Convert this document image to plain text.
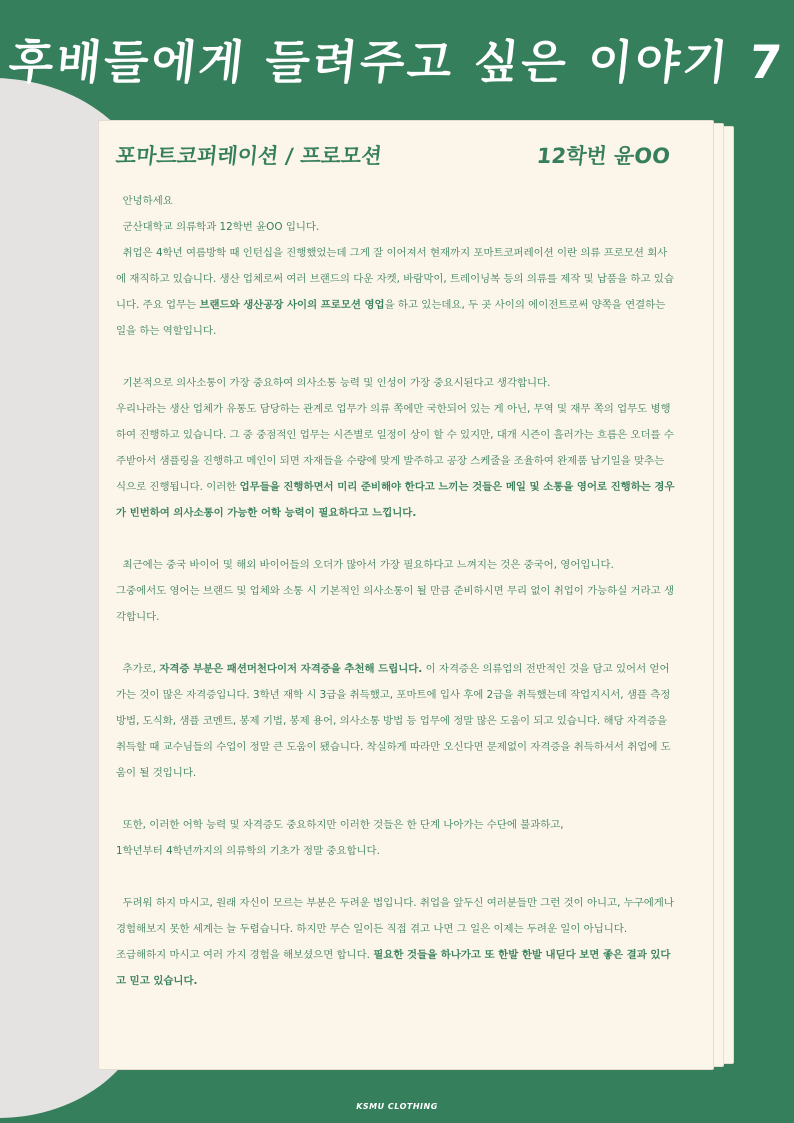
후배들에게 들려주고 싶은 이야기 7
포마트코퍼레이션 / 프로모션	12학번 윤OO

안녕하세요

군산대학교 의류학과 12학번 윤OO 입니다.

취업은 4학년 여름방학 때 인턴십을 진행했었는데 그게 잘 이어져서 현재까지 포마트코퍼레이션 이란 의류 프로모션 회사에 재직하고 있습니다. 생산 업체로써 여러 브랜드의 다운 자켓, 바람막이, 트레이닝복 등의 의류를 제작 및 납품을 하고 있습니다. 주요 업무는 브랜드와 생산공장 사이의 프로모션 영업을 하고 있는데요, 두 곳 사이의 에이전트로써 양쪽을 연결하는 일을 하는 역할입니다.

기본적으로 의사소통이 가장 중요하여 의사소통 능력 및 인성이 가장 중요시된다고 생각합니다.
우리나라는 생산 업체가 유통도 담당하는 관계로 업무가 의류 쪽에만 국한되어 있는 게 아닌, 무역 및 재무 쪽의 업무도 병행하여 진행하고 있습니다. 그 중 중점적인 업무는 시즌별로 일정이 상이 할 수 있지만, 대개 시즌이 흘러가는 흐름은 오더를 수주받아서 샘플링을 진행하고 메인이 되면 자재들을 수량에 맞게 발주하고 공장 스케줄을 조율하여 완제품 납기일을 맞추는 식으로 진행됩니다. 이러한 업무들을 진행하면서 미리 준비해야 한다고 느끼는 것들은 메일 및 소통을 영어로 진행하는 경우가 빈번하여 의사소통이 가능한 어학 능력이 필요하다고 느낍니다.

최근에는 중국 바이어 및 해외 바이어들의 오더가 많아서 가장 필요하다고 느껴지는 것은 중국어, 영어입니다.
그중에서도 영어는 브랜드 및 업체와 소통 시 기본적인 의사소통이 될 만큼 준비하시면 무리 없이 취업이 가능하실 거라고 생각합니다.

추가로, 자격증 부분은 패션머천다이저 자격증을 추천해 드립니다. 이 자격증은 의류업의 전반적인 것을 담고 있어서 얻어가는 것이 많은 자격증입니다. 3학년 재학 시 3급을 취득했고, 포마트에 입사 후에 2급을 취득했는데 작업지시서, 샘플 측정 방법, 도식화, 샘플 코멘트, 봉제 기법, 봉제 용어, 의사소통 방법 등 업무에 정말 많은 도움이 되고 있습니다. 해당 자격증을 취득할 때 교수님들의 수업이 정말 큰 도움이 됐습니다. 착실하게 따라만 오신다면 문제없이 자격증을 취득하셔서 취업에 도움이 될 것입니다.

또한, 이러한 어학 능력 및 자격증도 중요하지만 이러한 것들은 한 단계 나아가는 수단에 불과하고,
1학년부터 4학년까지의 의류학의 기초가 정말 중요합니다.

두려워 하지 마시고, 원래 자신이 모르는 부분은 두려운 법입니다. 취업을 앞두신 여러분들만 그런 것이 아니고, 누구에게나 경험해보지 못한 세계는 늘 두렵습니다. 하지만 무슨 일이든 직접 겪고 나면 그 일은 이제는 두려운 일이 아닙니다.
조급해하지 마시고 여러 가지 경험을 해보셨으면 합니다. 필요한 것들을 하나가고 또 한발 한발 내딛다 보면 좋은 결과 있다고 믿고 있습니다.

KSMU CLOTHING
